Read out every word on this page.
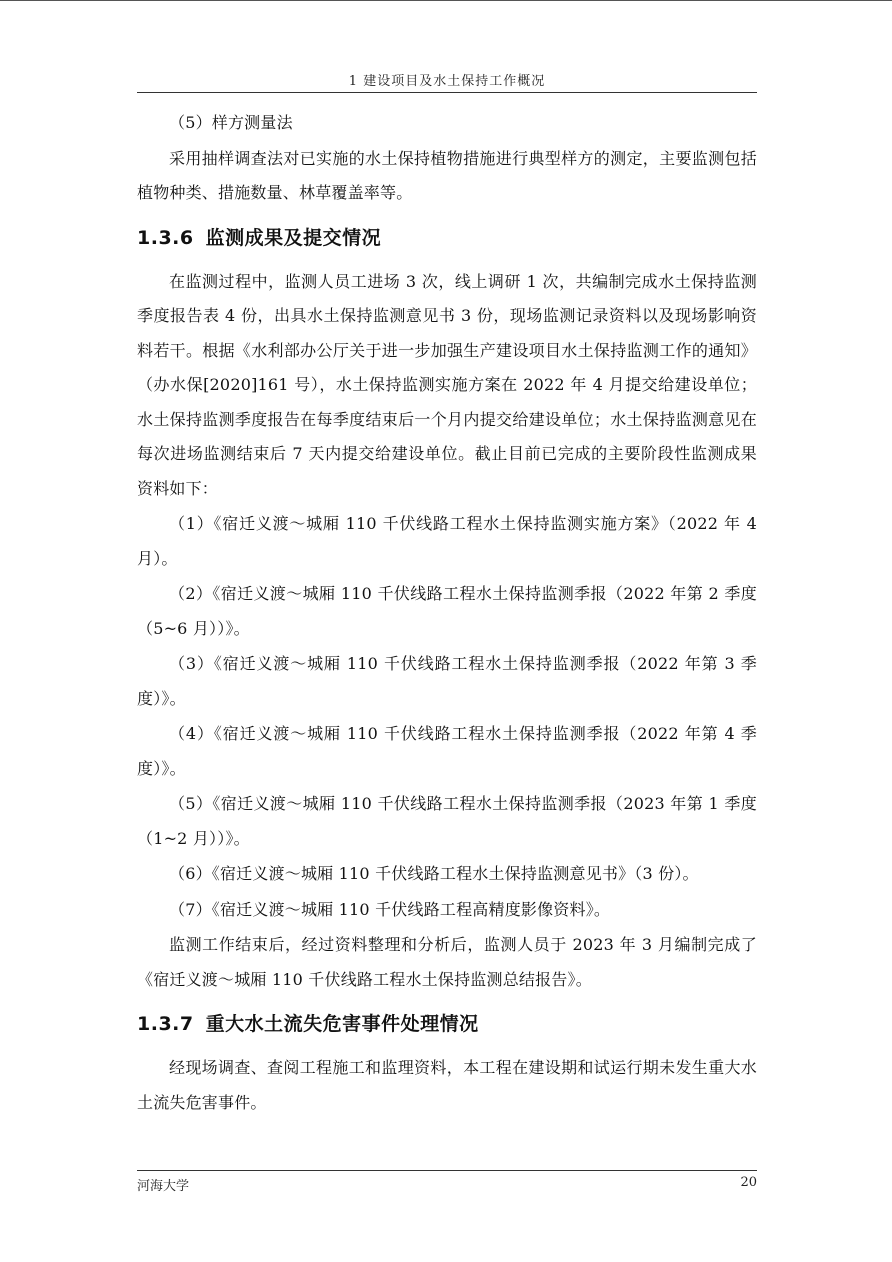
1 建设项目及水土保持工作概况

（5）样方测量法

采用抽样调查法对已实施的水土保持植物措施进行典型样方的测定，主要监测包括植物种类、措施数量、林草覆盖率等。

1.3.6 监测成果及提交情况

在监测过程中，监测人员工进场 3 次，线上调研 1 次，共编制完成水土保持监测季度报告表 4 份，出具水土保持监测意见书 3 份，现场监测记录资料以及现场影响资料若干。根据《水利部办公厅关于进一步加强生产建设项目水土保持监测工作的通知》（办水保[2020]161 号），水土保持监测实施方案在 2022 年 4 月提交给建设单位；水土保持监测季度报告在每季度结束后一个月内提交给建设单位；水土保持监测意见在每次进场监测结束后 7 天内提交给建设单位。截止目前已完成的主要阶段性监测成果资料如下：

（1）《宿迁义渡～城厢 110 千伏线路工程水土保持监测实施方案》（2022 年 4 月）。

（2）《宿迁义渡～城厢 110 千伏线路工程水土保持监测季报（2022 年第 2 季度（5~6 月））》。

（3）《宿迁义渡～城厢 110 千伏线路工程水土保持监测季报（2022 年第 3 季度）》。

（4）《宿迁义渡～城厢 110 千伏线路工程水土保持监测季报（2022 年第 4 季度）》。

（5）《宿迁义渡～城厢 110 千伏线路工程水土保持监测季报（2023 年第 1 季度（1~2 月））》。

（6）《宿迁义渡～城厢 110 千伏线路工程水土保持监测意见书》（3 份）。

（7）《宿迁义渡～城厢 110 千伏线路工程高精度影像资料》。

监测工作结束后，经过资料整理和分析后，监测人员于 2023 年 3 月编制完成了《宿迁义渡～城厢 110 千伏线路工程水土保持监测总结报告》。

1.3.7 重大水土流失危害事件处理情况

经现场调查、查阅工程施工和监理资料，本工程在建设期和试运行期未发生重大水土流失危害事件。

河海大学	20
